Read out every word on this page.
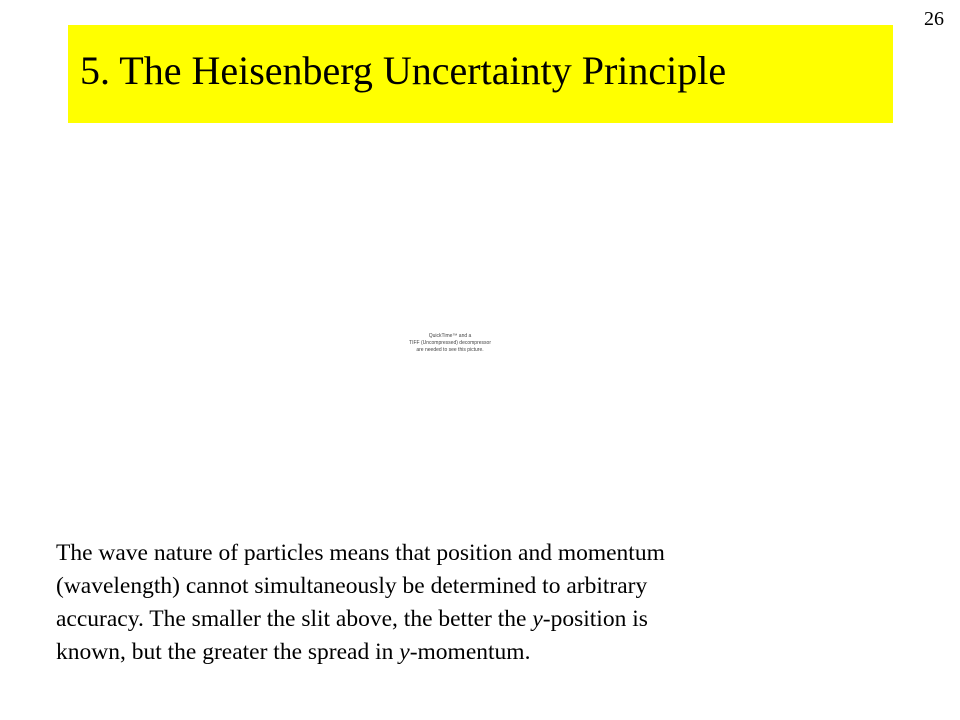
26
5. The Heisenberg Uncertainty Principle
QuickTime™ and a
TIFF (Uncompressed) decompressor
are needed to see this picture.
The wave nature of particles means that position and momentum
(wavelength) cannot simultaneously be determined to arbitrary
accuracy. The smaller the slit above, the better the y-position is
known, but the greater the spread in y-momentum.
